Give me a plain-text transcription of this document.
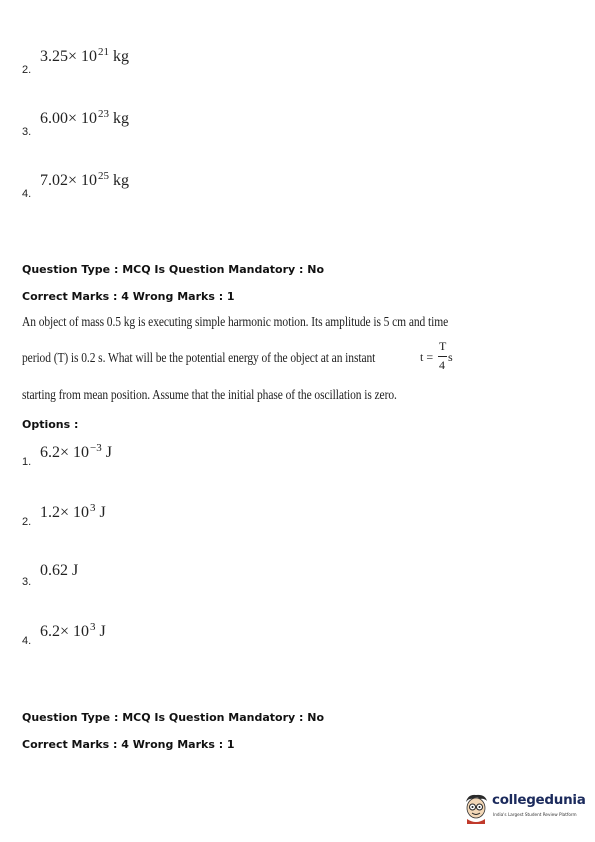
2.
$3.25\times 10^{21}$ kg
3.
$6.00\times 10^{23}$ kg
4.
$7.02\times 10^{25}$ kg
Question Type : MCQ Is Question Mandatory : No
Correct Marks : 4 Wrong Marks : 1
An object of mass 0.5 kg is executing simple harmonic motion. Its amplitude is 5 cm and time
period (T) is 0.2 s. What will be the potential energy of the object at an instant	t =
T
4
s
starting from mean position. Assume that the initial phase of the oscillation is zero.
Options :
1.
$6.2\times 10^{-3}$ J
2.
$1.2\times 10^3$ J
3.
0.62 J
4.
$6.2\times 10^3$ J
Question Type : MCQ Is Question Mandatory : No
Correct Marks : 4 Wrong Marks : 1
collegedunia
India's Largest Student Review Platform
